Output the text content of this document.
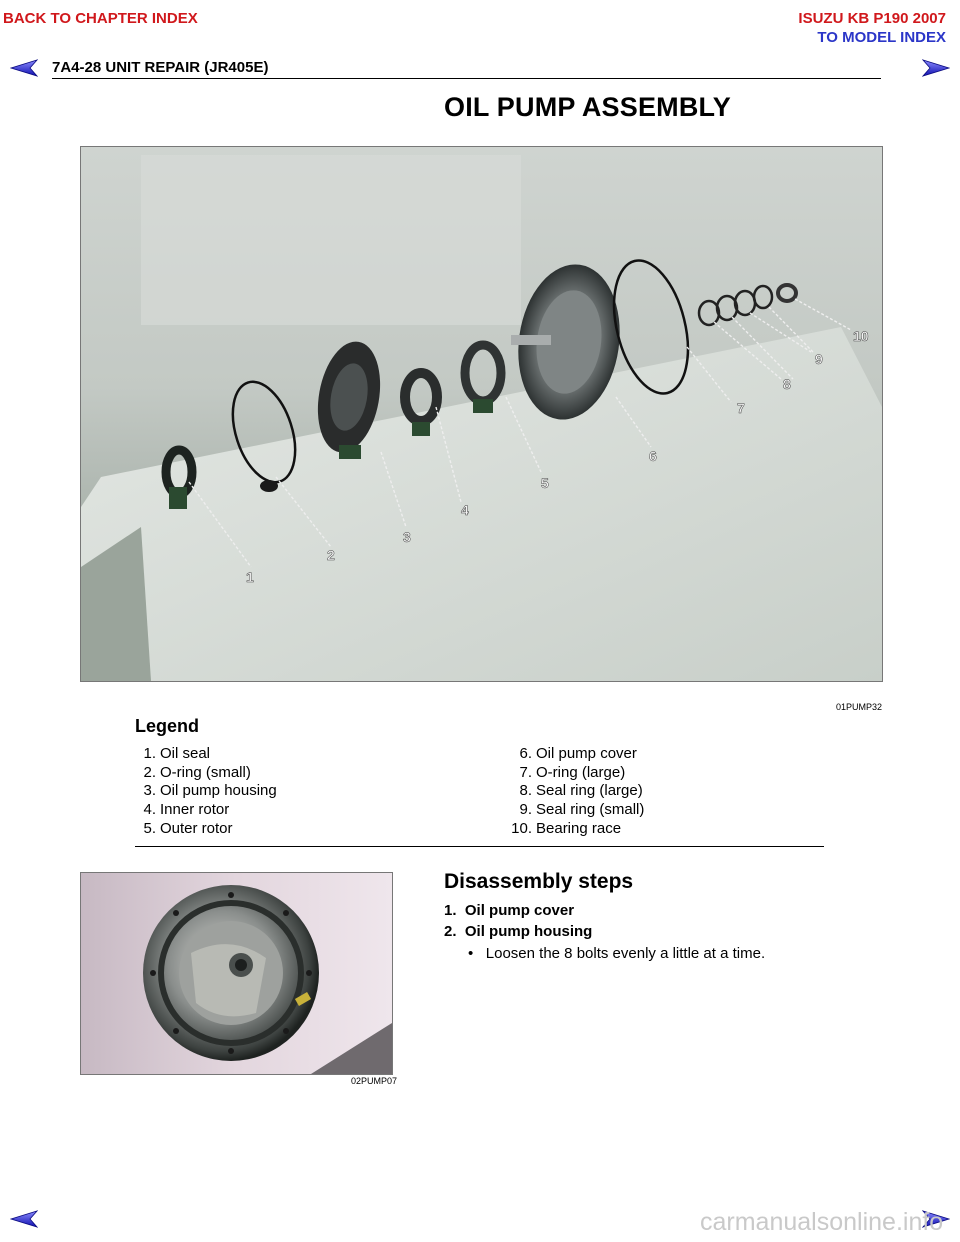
BACK TO CHAPTER INDEX	ISUZU KB P190 2007
TO MODEL INDEX
7A4-28 UNIT REPAIR (JR405E)
OIL PUMP ASSEMBLY
1
2
3
4
5
6
7
8
9
10
01PUMP32
Legend
1. Oil seal
2. O-ring (small)
3. Oil pump housing
4. Inner rotor
5. Outer rotor
6. Oil pump cover
7. O-ring (large)
8. Seal ring (large)
9. Seal ring (small)
10. Bearing race
02PUMP07
Disassembly steps
1. Oil pump cover
2. Oil pump housing
• Loosen the 8 bolts evenly a little at a time.
carmanualsonline.info
